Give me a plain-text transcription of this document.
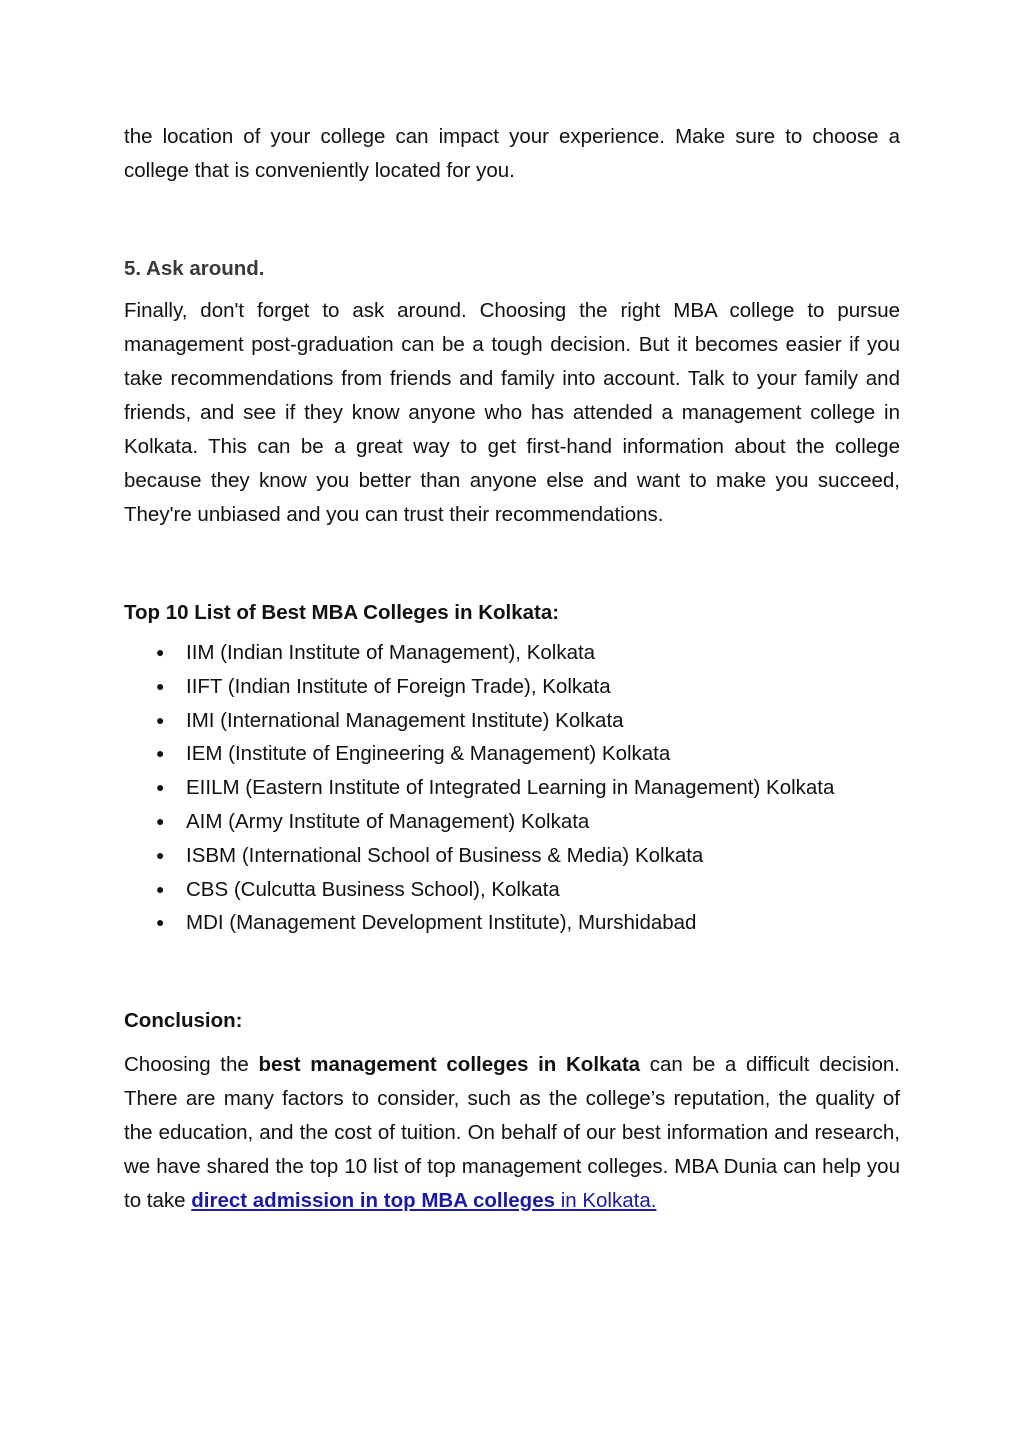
the location of your college can impact your experience. Make sure to choose a college that is conveniently located for you.

5. Ask around.

Finally, don't forget to ask around. Choosing the right MBA college to pursue management post-graduation can be a tough decision. But it becomes easier if you take recommendations from friends and family into account. Talk to your family and friends, and see if they know anyone who has attended a management college in Kolkata. This can be a great way to get first-hand information about the college because they know you better than anyone else and want to make you succeed, They're unbiased and you can trust their recommendations.

Top 10 List of Best MBA Colleges in Kolkata:
● IIM (Indian Institute of Management), Kolkata
● IIFT (Indian Institute of Foreign Trade), Kolkata
● IMI (International Management Institute) Kolkata
● IEM (Institute of Engineering & Management) Kolkata
● EIILM (Eastern Institute of Integrated Learning in Management) Kolkata
● AIM (Army Institute of Management) Kolkata
● ISBM (International School of Business & Media) Kolkata
● CBS (Culcutta Business School), Kolkata
● MDI (Management Development Institute), Murshidabad
Conclusion:

Choosing the best management colleges in Kolkata can be a difficult decision. There are many factors to consider, such as the college’s reputation, the quality of the education, and the cost of tuition. On behalf of our best information and research, we have shared the top 10 list of top management colleges. MBA Dunia can help you to take direct admission in top MBA colleges in Kolkata.
